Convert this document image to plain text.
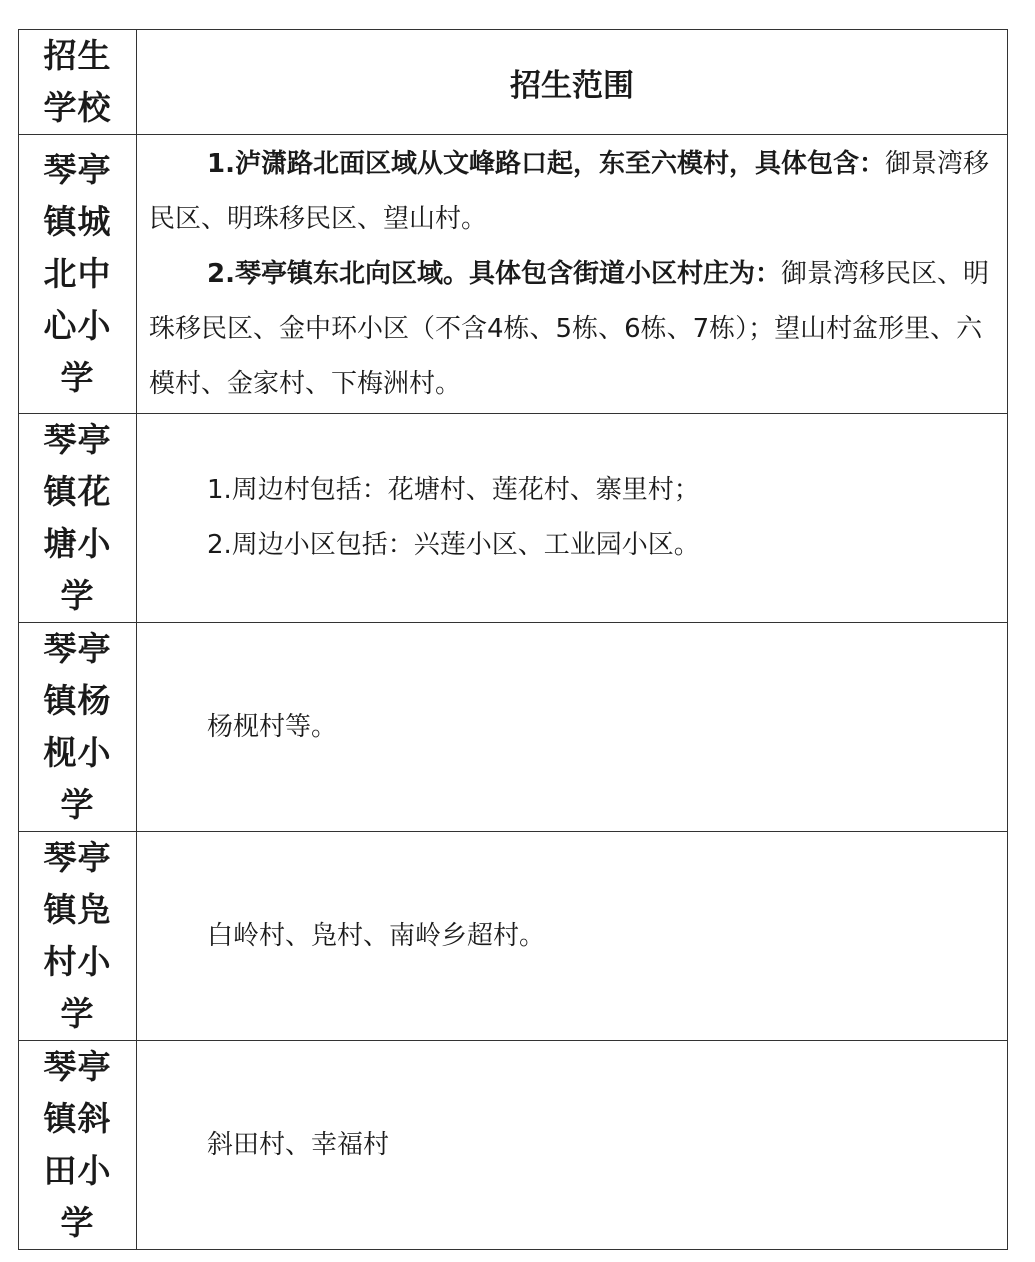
招生学校	招生范围

琴亭镇城北中心小学	1.泸潇路北面区域从文峰路口起，东至六模村，具体包含：御景湾移民区、明珠移民区、望山村。

2.琴亭镇东北向区域。具体包含街道小区村庄为：御景湾移民区、明珠移民区、金中环小区（不含4栋、5栋、6栋、7栋）；望山村盆形里、六模村、金家村、下梅洲村。

琴亭镇花塘小学	1.周边村包括：花塘村、莲花村、寨里村；

2.周边小区包括：兴莲小区、工业园小区。

琴亭镇杨枧小学	杨枧村等。

琴亭镇凫村小学	白岭村、凫村、南岭乡超村。

琴亭镇斜田小学	斜田村、幸福村
